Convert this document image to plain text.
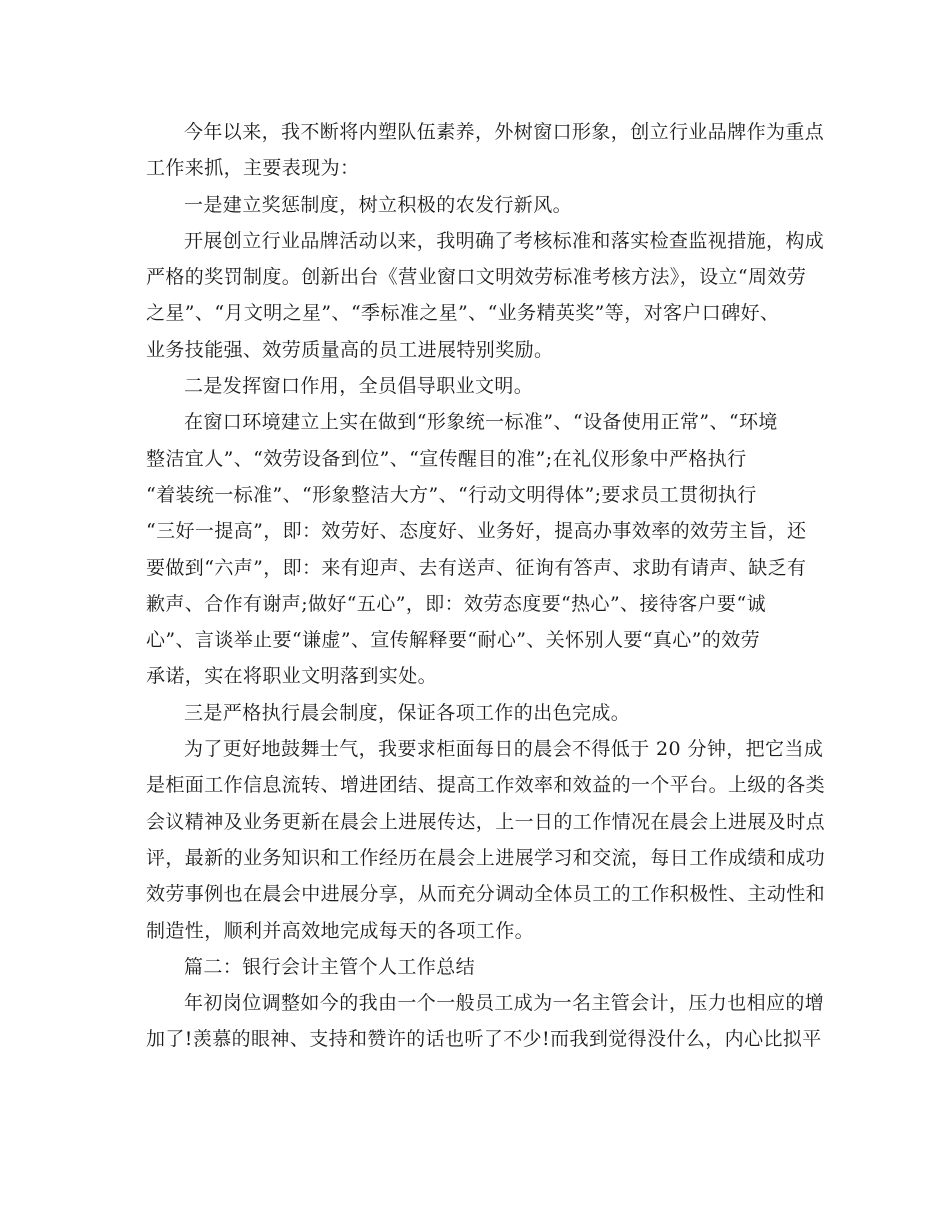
今年以来，我不断将内塑队伍素养，外树窗口形象，创立行业品牌作为重点
工作来抓，主要表现为：
一是建立奖惩制度，树立积极的农发行新风。
开展创立行业品牌活动以来，我明确了考核标准和落实检查监视措施，构成
严格的奖罚制度。创新出台《营业窗口文明效劳标准考核方法》，设立“周效劳
之星”、“月文明之星”、“季标准之星”、“业务精英奖”等，对客户口碑好、
业务技能强、效劳质量高的员工进展特别奖励。
二是发挥窗口作用，全员倡导职业文明。
在窗口环境建立上实在做到“形象统一标准”、“设备使用正常”、“环境
整洁宜人”、“效劳设备到位”、“宣传醒目的准”;在礼仪形象中严格执行
“着装统一标准”、“形象整洁大方”、“行动文明得体”;要求员工贯彻执行
“三好一提高”，即：效劳好、态度好、业务好，提高办事效率的效劳主旨，还
要做到“六声”，即：来有迎声、去有送声、征询有答声、求助有请声、缺乏有
歉声、合作有谢声;做好“五心”，即：效劳态度要“热心”、接待客户要“诚
心”、言谈举止要“谦虚”、宣传解释要“耐心”、关怀别人要“真心”的效劳
承诺，实在将职业文明落到实处。
三是严格执行晨会制度，保证各项工作的出色完成。
为了更好地鼓舞士气，我要求柜面每日的晨会不得低于 20 分钟，把它当成
是柜面工作信息流转、增进团结、提高工作效率和效益的一个平台。上级的各类
会议精神及业务更新在晨会上进展传达，上一日的工作情况在晨会上进展及时点
评，最新的业务知识和工作经历在晨会上进展学习和交流，每日工作成绩和成功
效劳事例也在晨会中进展分享，从而充分调动全体员工的工作积极性、主动性和
制造性，顺利并高效地完成每天的各项工作。
篇二：银行会计主管个人工作总结
年初岗位调整如今的我由一个一般员工成为一名主管会计，压力也相应的增
加了!羡慕的眼神、支持和赞许的话也听了不少!而我到觉得没什么，内心比拟平
